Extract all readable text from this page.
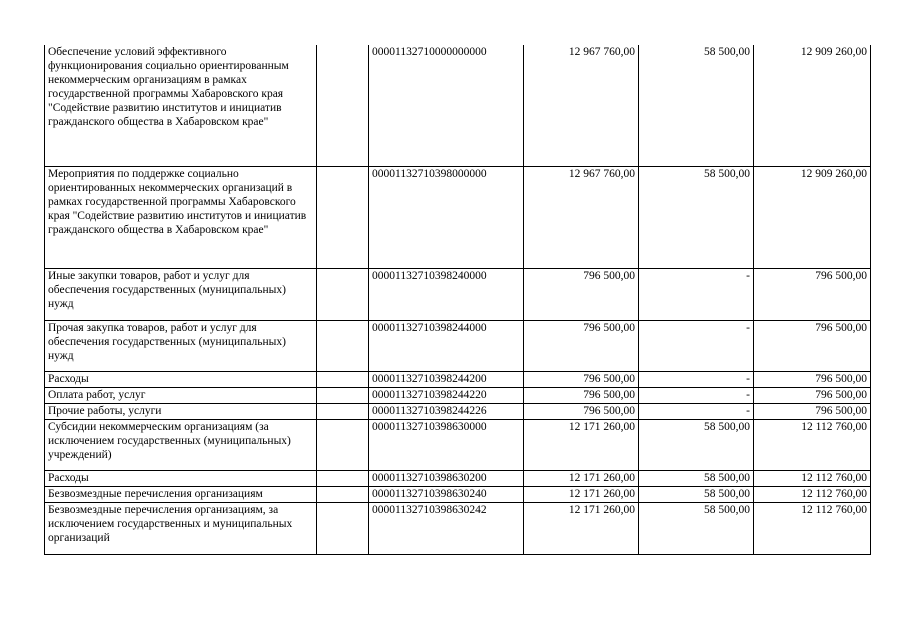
Обеспечение условий эффективного функционирования социально ориентированным некоммерческим организациям в рамках государственной программы Хабаровского края "Содействие развитию институтов и инициатив гражданского общества в Хабаровском крае"		00001132710000000000	12 967 760,00	58 500,00	12 909 260,00
Мероприятия по поддержке социально ориентированных некоммерческих организаций в рамках государственной программы Хабаровского края "Содействие развитию институтов и инициатив гражданского общества в Хабаровском крае"		00001132710398000000	12 967 760,00	58 500,00	12 909 260,00
Иные закупки товаров, работ и услуг для обеспечения государственных (муниципальных) нужд		00001132710398240000	796 500,00	-	796 500,00
Прочая закупка товаров, работ и услуг для обеспечения государственных (муниципальных) нужд		00001132710398244000	796 500,00	-	796 500,00
Расходы		00001132710398244200	796 500,00	-	796 500,00
Оплата работ, услуг		00001132710398244220	796 500,00	-	796 500,00
Прочие работы, услуги		00001132710398244226	796 500,00	-	796 500,00
Субсидии некоммерческим организациям (за исключением государственных (муниципальных) учреждений)		00001132710398630000	12 171 260,00	58 500,00	12 112 760,00
Расходы		00001132710398630200	12 171 260,00	58 500,00	12 112 760,00
Безвозмездные перечисления организациям		00001132710398630240	12 171 260,00	58 500,00	12 112 760,00
Безвозмездные перечисления организациям, за исключением государственных и муниципальных организаций		00001132710398630242	12 171 260,00	58 500,00	12 112 760,00
